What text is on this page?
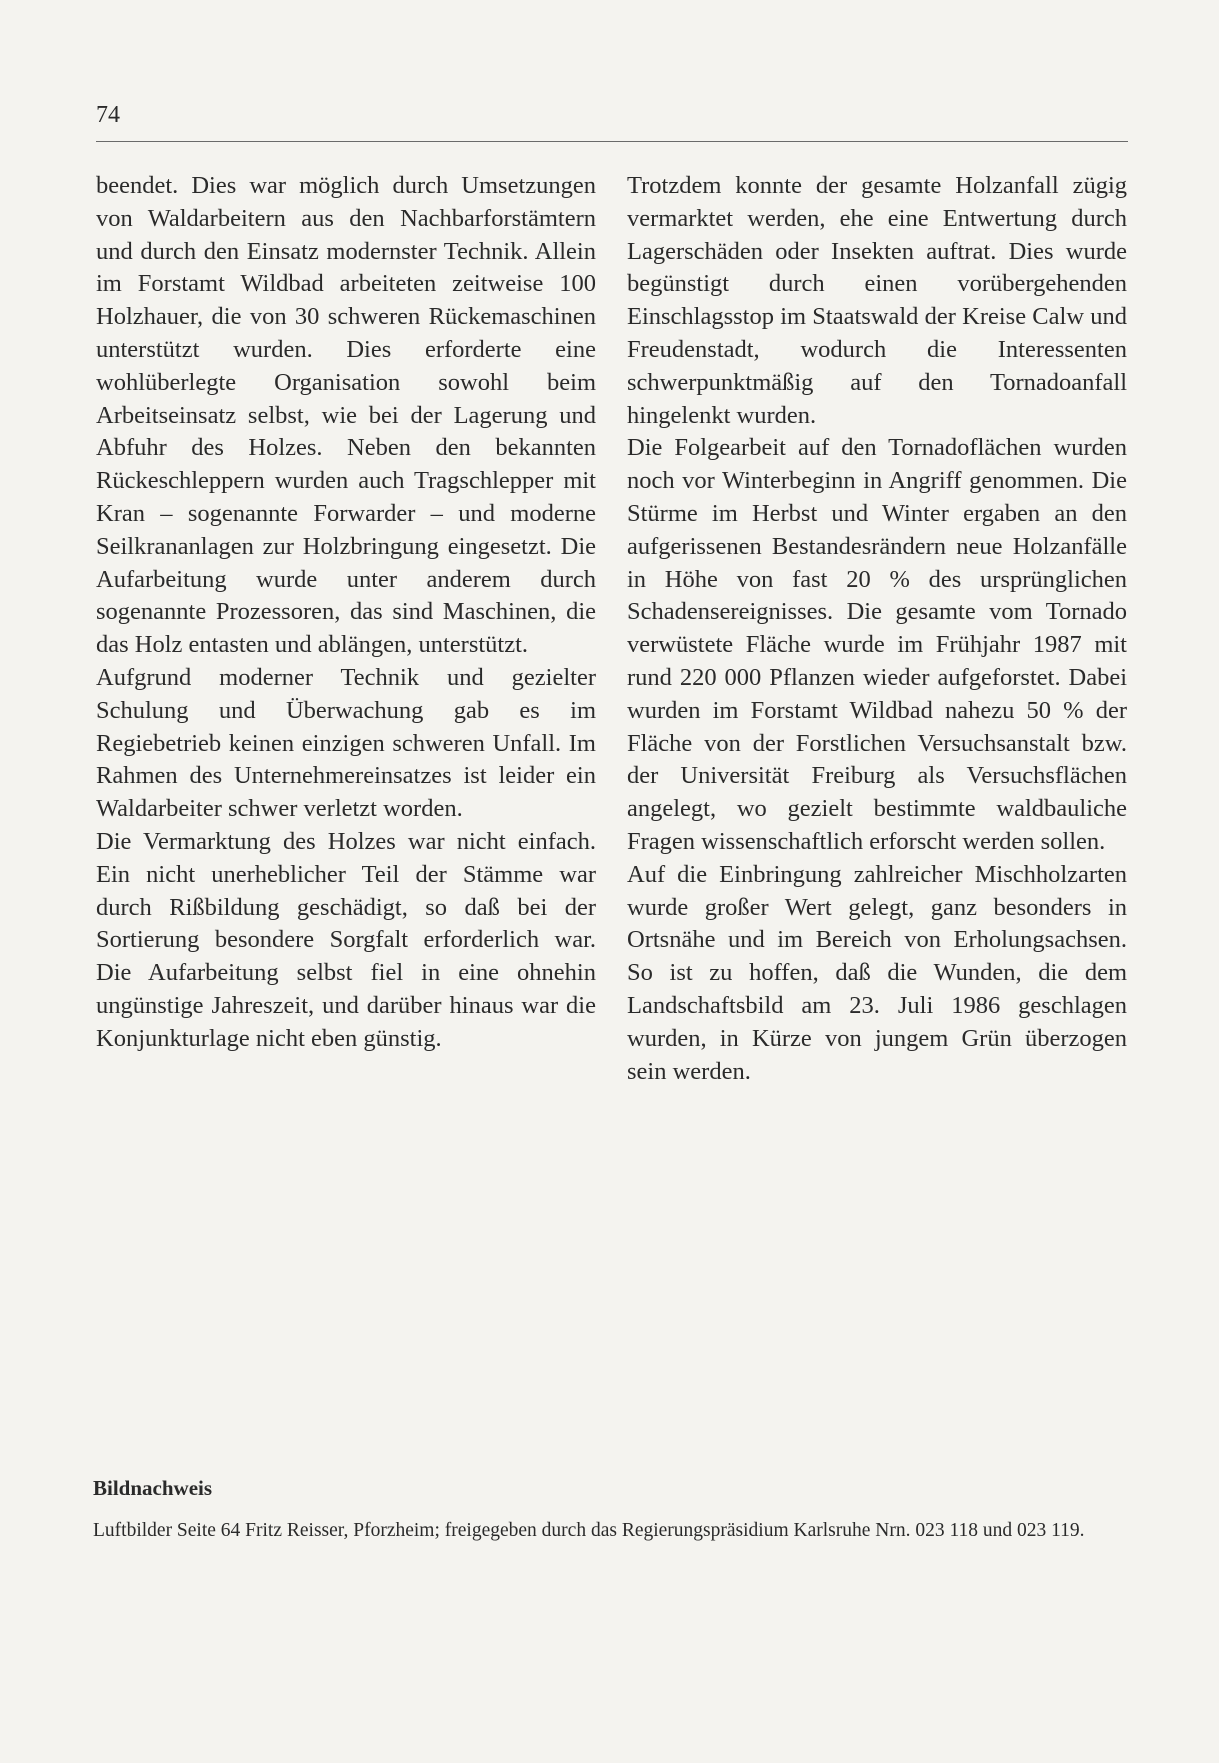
74

beendet. Dies war möglich durch Umsetzungen von Waldarbeitern aus den Nachbarforstämtern und durch den Einsatz modernster Technik. Allein im Forstamt Wildbad arbeiteten zeitweise 100 Holzhauer, die von 30 schweren Rückemaschinen unterstützt wurden. Dies erforderte eine wohlüberlegte Organisation sowohl beim Arbeitseinsatz selbst, wie bei der Lagerung und Abfuhr des Holzes. Neben den bekannten Rückeschleppern wurden auch Tragschlepper mit Kran – sogenannte Forwarder – und moderne Seilkrananlagen zur Holzbringung eingesetzt. Die Aufarbeitung wurde unter anderem durch sogenannte Prozessoren, das sind Maschinen, die das Holz entasten und ablängen, unterstützt.

Aufgrund moderner Technik und gezielter Schulung und Überwachung gab es im Regiebetrieb keinen einzigen schweren Unfall. Im Rahmen des Unternehmereinsatzes ist leider ein Waldarbeiter schwer verletzt worden.

Die Vermarktung des Holzes war nicht einfach. Ein nicht unerheblicher Teil der Stämme war durch Rißbildung geschädigt, so daß bei der Sortierung besondere Sorgfalt erforderlich war. Die Aufarbeitung selbst fiel in eine ohnehin ungünstige Jahreszeit, und darüber hinaus war die Konjunkturlage nicht eben günstig.

Trotzdem konnte der gesamte Holzanfall zügig vermarktet werden, ehe eine Entwertung durch Lagerschäden oder Insekten auftrat. Dies wurde begünstigt durch einen vorübergehenden Einschlagsstop im Staatswald der Kreise Calw und Freudenstadt, wodurch die Interessenten schwerpunktmäßig auf den Tornadoanfall hingelenkt wurden.

Die Folgearbeit auf den Tornadoflächen wurden noch vor Winterbeginn in Angriff genommen. Die Stürme im Herbst und Winter ergaben an den aufgerissenen Bestandesrändern neue Holzanfälle in Höhe von fast 20 % des ursprünglichen Schadensereignisses. Die gesamte vom Tornado verwüstete Fläche wurde im Frühjahr 1987 mit rund 220 000 Pflanzen wieder aufgeforstet. Dabei wurden im Forstamt Wildbad nahezu 50 % der Fläche von der Forstlichen Versuchsanstalt bzw. der Universität Freiburg als Versuchsflächen angelegt, wo gezielt bestimmte waldbauliche Fragen wissenschaftlich erforscht werden sollen.

Auf die Einbringung zahlreicher Mischholzarten wurde großer Wert gelegt, ganz besonders in Ortsnähe und im Bereich von Erholungsachsen. So ist zu hoffen, daß die Wunden, die dem Landschaftsbild am 23. Juli 1986 geschlagen wurden, in Kürze von jungem Grün überzogen sein werden.

Bildnachweis
Luftbilder Seite 64 Fritz Reisser, Pforzheim; freigegeben durch das Regierungspräsidium Karlsruhe Nrn. 023 118 und 023 119.
